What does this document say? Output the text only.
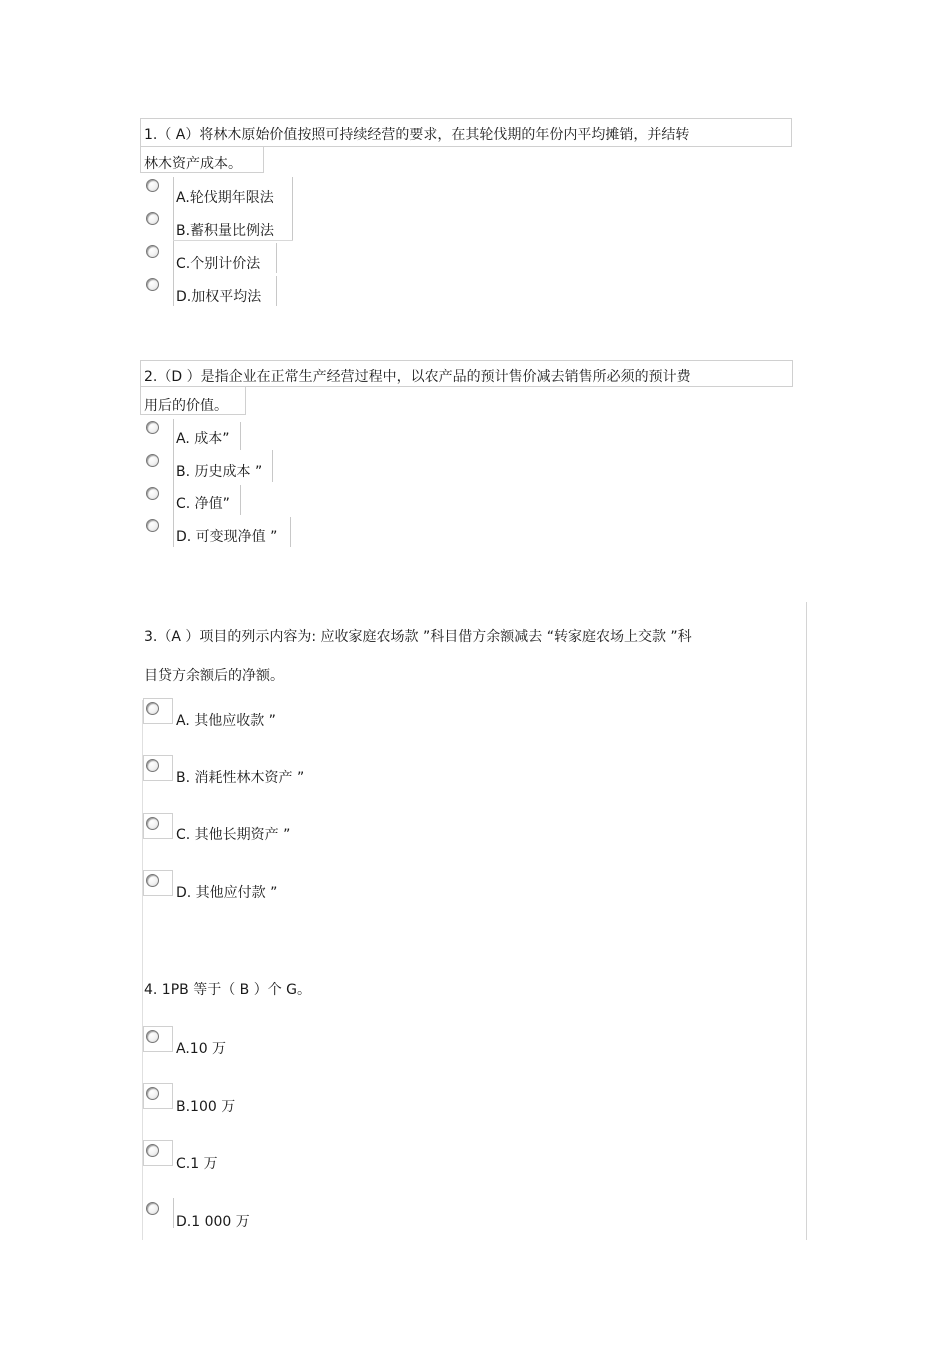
1.（ A）将林木原始价值按照可持续经营的要求，在其轮伐期的年份内平均摊销，并结转
林木资产成本。
A.轮伐期年限法
B.蓄积量比例法
C.个别计价法
D.加权平均法
2.（D ）是指企业在正常生产经营过程中，以农产品的预计售价减去销售所必须的预计费
用后的价值。
A. 成本”
B. 历史成本 ”
C. 净值”
D. 可变现净值 ”
3.（A ）项目的列示内容为: 应收家庭农场款 ”科目借方余额减去 “转家庭农场上交款 ”科
目贷方余额后的净额。
A. 其他应收款 ”
B. 消耗性林木资产 ”
C. 其他长期资产 ”
D. 其他应付款 ”
4. 1PB 等于（ B ）个 G。
A.10 万
B.100 万
C.1 万
D.1 000 万
